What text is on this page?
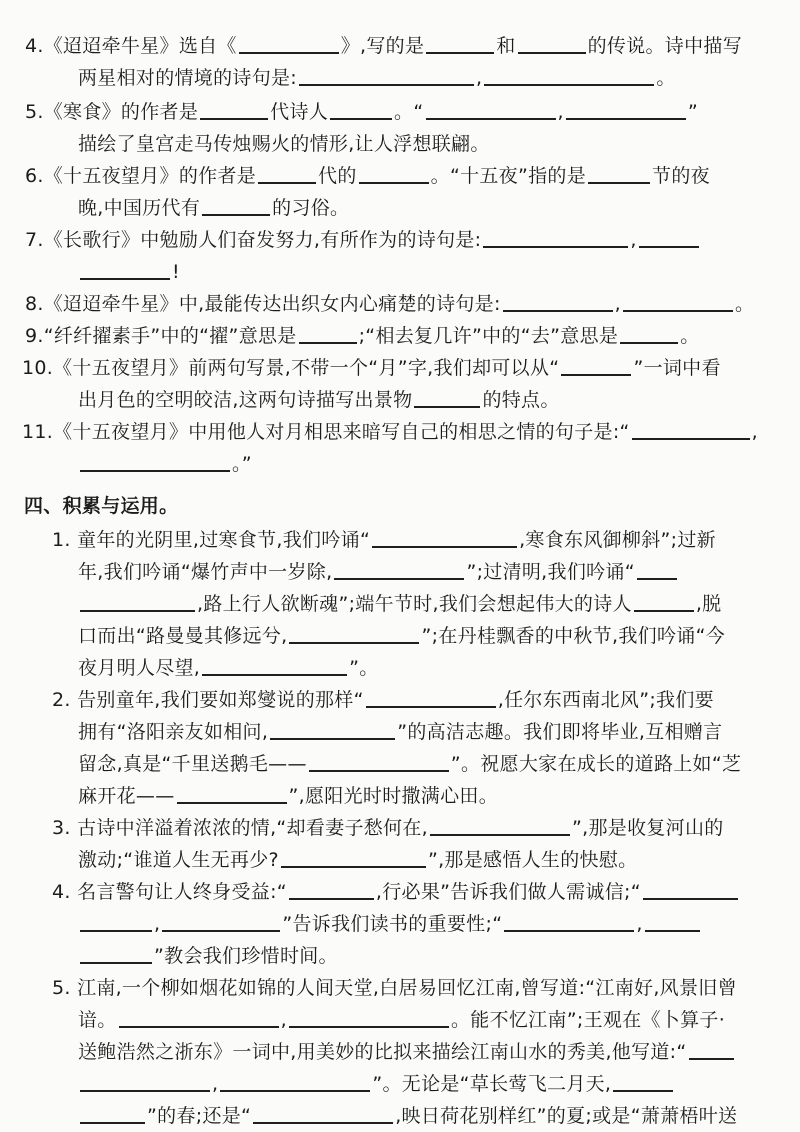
4.《迢迢牵牛星》选自《	》,写的是	和	的传说。诗中描写
两星相对的情境的诗句是:	,	。
5.《寒食》的作者是	代诗人	。“	,	”
描绘了皇宫走马传烛赐火的情形,让人浮想联翩。
6.《十五夜望月》的作者是	代的	。“十五夜”指的是	节的夜
晚,中国历代有	的习俗。
7.《长歌行》中勉励人们奋发努力,有所作为的诗句是:	,
!
8.《迢迢牵牛星》中,最能传达出织女内心痛楚的诗句是:	,	。
9.“纤纤擢素手”中的“擢”意思是	;“相去复几许”中的“去”意思是	。
10.《十五夜望月》前两句写景,不带一个“月”字,我们却可以从“	”一词中看
出月色的空明皎洁,这两句诗描写出景物	的特点。
11.《十五夜望月》中用他人对月相思来暗写自己的相思之情的句子是:“	,
。”
四、积累与运用。
1. 童年的光阴里,过寒食节,我们吟诵“	,寒食东风御柳斜”;过新
年,我们吟诵“爆竹声中一岁除,	”;过清明,我们吟诵“
,路上行人欲断魂”;端午节时,我们会想起伟大的诗人	,脱
口而出“路曼曼其修远兮,	”;在丹桂飘香的中秋节,我们吟诵“今
夜月明人尽望,	”。
2. 告别童年,我们要如郑燮说的那样“	,任尔东西南北风”;我们要
拥有“洛阳亲友如相问,	”的高洁志趣。我们即将毕业,互相赠言
留念,真是“千里送鹅毛——	”。祝愿大家在成长的道路上如“芝
麻开花——	”,愿阳光时时撒满心田。
3. 古诗中洋溢着浓浓的情,“却看妻子愁何在,	”,那是收复河山的
激动;“谁道人生无再少?	”,那是感悟人生的快慰。
4. 名言警句让人终身受益:“	,行必果”告诉我们做人需诚信;“
,	”告诉我们读书的重要性;“	,
”教会我们珍惜时间。
5. 江南,一个柳如烟花如锦的人间天堂,白居易回忆江南,曾写道:“江南好,风景旧曾
谙。	,	。能不忆江南”;王观在《卜算子·
送鲍浩然之浙东》一词中,用美妙的比拟来描绘江南山水的秀美,他写道:“
,	”。无论是“草长莺飞二月天,
”的春;还是“	,映日荷花别样红”的夏;或是“萧萧梧叶送
